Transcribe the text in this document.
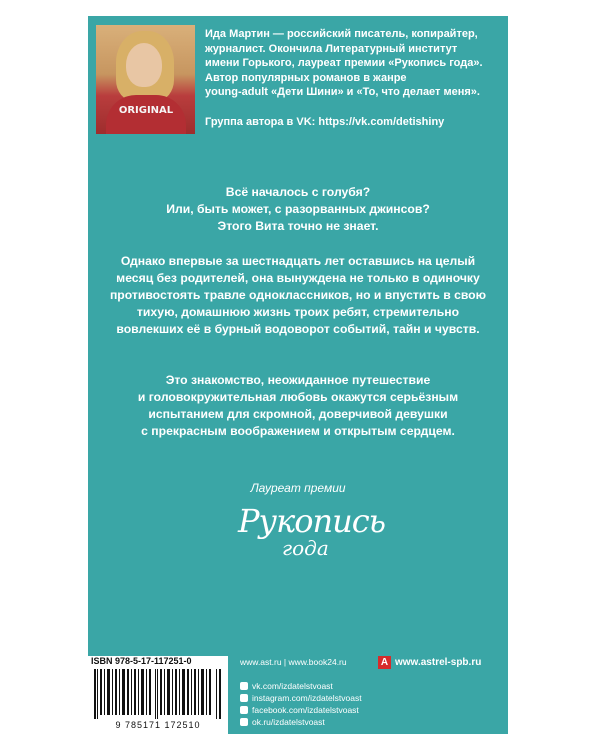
ORIGINAL
Ида Мартин — российский писатель, копирайтер,
журналист. Окончила Литературный институт
имени Горького, лауреат премии «Рукопись года».
Автор популярных романов в жанре
young-adult «Дети Шини» и «То, что делает меня».
Группа автора в VK: https://vk.com/detishiny
Всё началось с голубя?
Или, быть может, с разорванных джинсов?
Этого Вита точно не знает.
Однако впервые за шестнадцать лет оставшись на целый
месяц без родителей, она вынуждена не только в одиночку
противостоять травле одноклассников, но и впустить в свою
тихую, домашнюю жизнь троих ребят, стремительно
вовлекших её в бурный водоворот событий, тайн и чувств.
Это знакомство, неожиданное путешествие
и головокружительная любовь окажутся серьёзным
испытанием для скромной, доверчивой девушки
с прекрасным воображением и открытым сердцем.
Лауреат премии
Рукопись
года
ISBN 978-5-17-117251-0
9 785171 172510
www.ast.ru | www.book24.ru	A www.astrel-spb.ru
vk.com/izdatelstvoast
instagram.com/izdatelstvoast
facebook.com/izdatelstvoast
ok.ru/izdatelstvoast
